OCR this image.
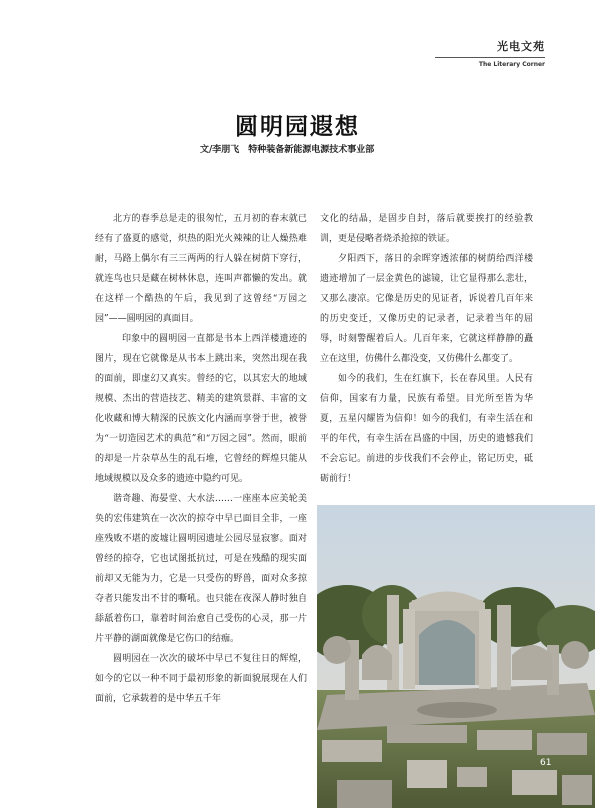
光电文苑
The Literary Corner
圆明园遐想
文/李朋飞　特种装备新能源电源技术事业部

北方的春季总是走的很匆忙，五月初的春末就已经有了盛夏的感觉，炽热的阳光火辣辣的让人燥热难耐，马路上偶尔有三三两两的行人躲在树荫下穿行，就连鸟也只是藏在树林休息，连叫声都懒的发出。就在这样一个酷热的午后，我见到了这曾经“万园之园”——圆明园的真面目。

印象中的圆明园一直都是书本上西洋楼遗迹的图片，现在它就像是从书本上跳出来，突然出现在我的面前，即虚幻又真实。曾经的它，以其宏大的地域规模、杰出的营造技艺、精美的建筑景群、丰富的文化收藏和博大精深的民族文化内涵而享誉于世，被誉为“一切造园艺术的典范”和“万园之园”。然而，眼前的却是一片杂草丛生的乱石堆，它曾经的辉煌只能从地域规模以及众多的遗迹中隐约可见。

谐奇趣、海晏堂、大水法……一座座本应美轮美奂的宏伟建筑在一次次的掠夺中早已面目全非，一座座残败不堪的废墟让圆明园遗址公园尽显寂寥。面对曾经的掠夺，它也试图抵抗过，可是在残酷的现实面前却又无能为力，它是一只受伤的野兽，面对众多掠夺者只能发出不甘的嘶吼。也只能在夜深人静时独自舔舐着伤口，靠着时间治愈自己受伤的心灵，那一片片平静的湖面就像是它伤口的结痂。

圆明园在一次次的破坏中早已不复往日的辉煌，如今的它以一种不同于最初形象的新面貌展现在人们面前，它承载着的是中华五千年

文化的结晶，是固步自封，落后就要挨打的经验教训，更是侵略者烧杀抢掠的铁证。

夕阳西下，落日的余晖穿透浓郁的树荫给西洋楼遗迹增加了一层金黄色的滤镜，让它显得那么悲壮，又那么凄凉。它像是历史的见证者，诉说着几百年来的历史变迁，又像历史的记录者，记录着当年的屈辱，时刻警醒着后人。几百年来，它就这样静静的矗立在这里，仿佛什么都没变，又仿佛什么都变了。

如今的我们，生在红旗下，长在春风里。人民有信仰，国家有力量，民族有希望。目光所至皆为华夏，五星闪耀皆为信仰！如今的我们，有幸生活在和平的年代，有幸生活在昌盛的中国，历史的遗憾我们不会忘记。前进的步伐我们不会停止，铭记历史，砥砺前行！

61
